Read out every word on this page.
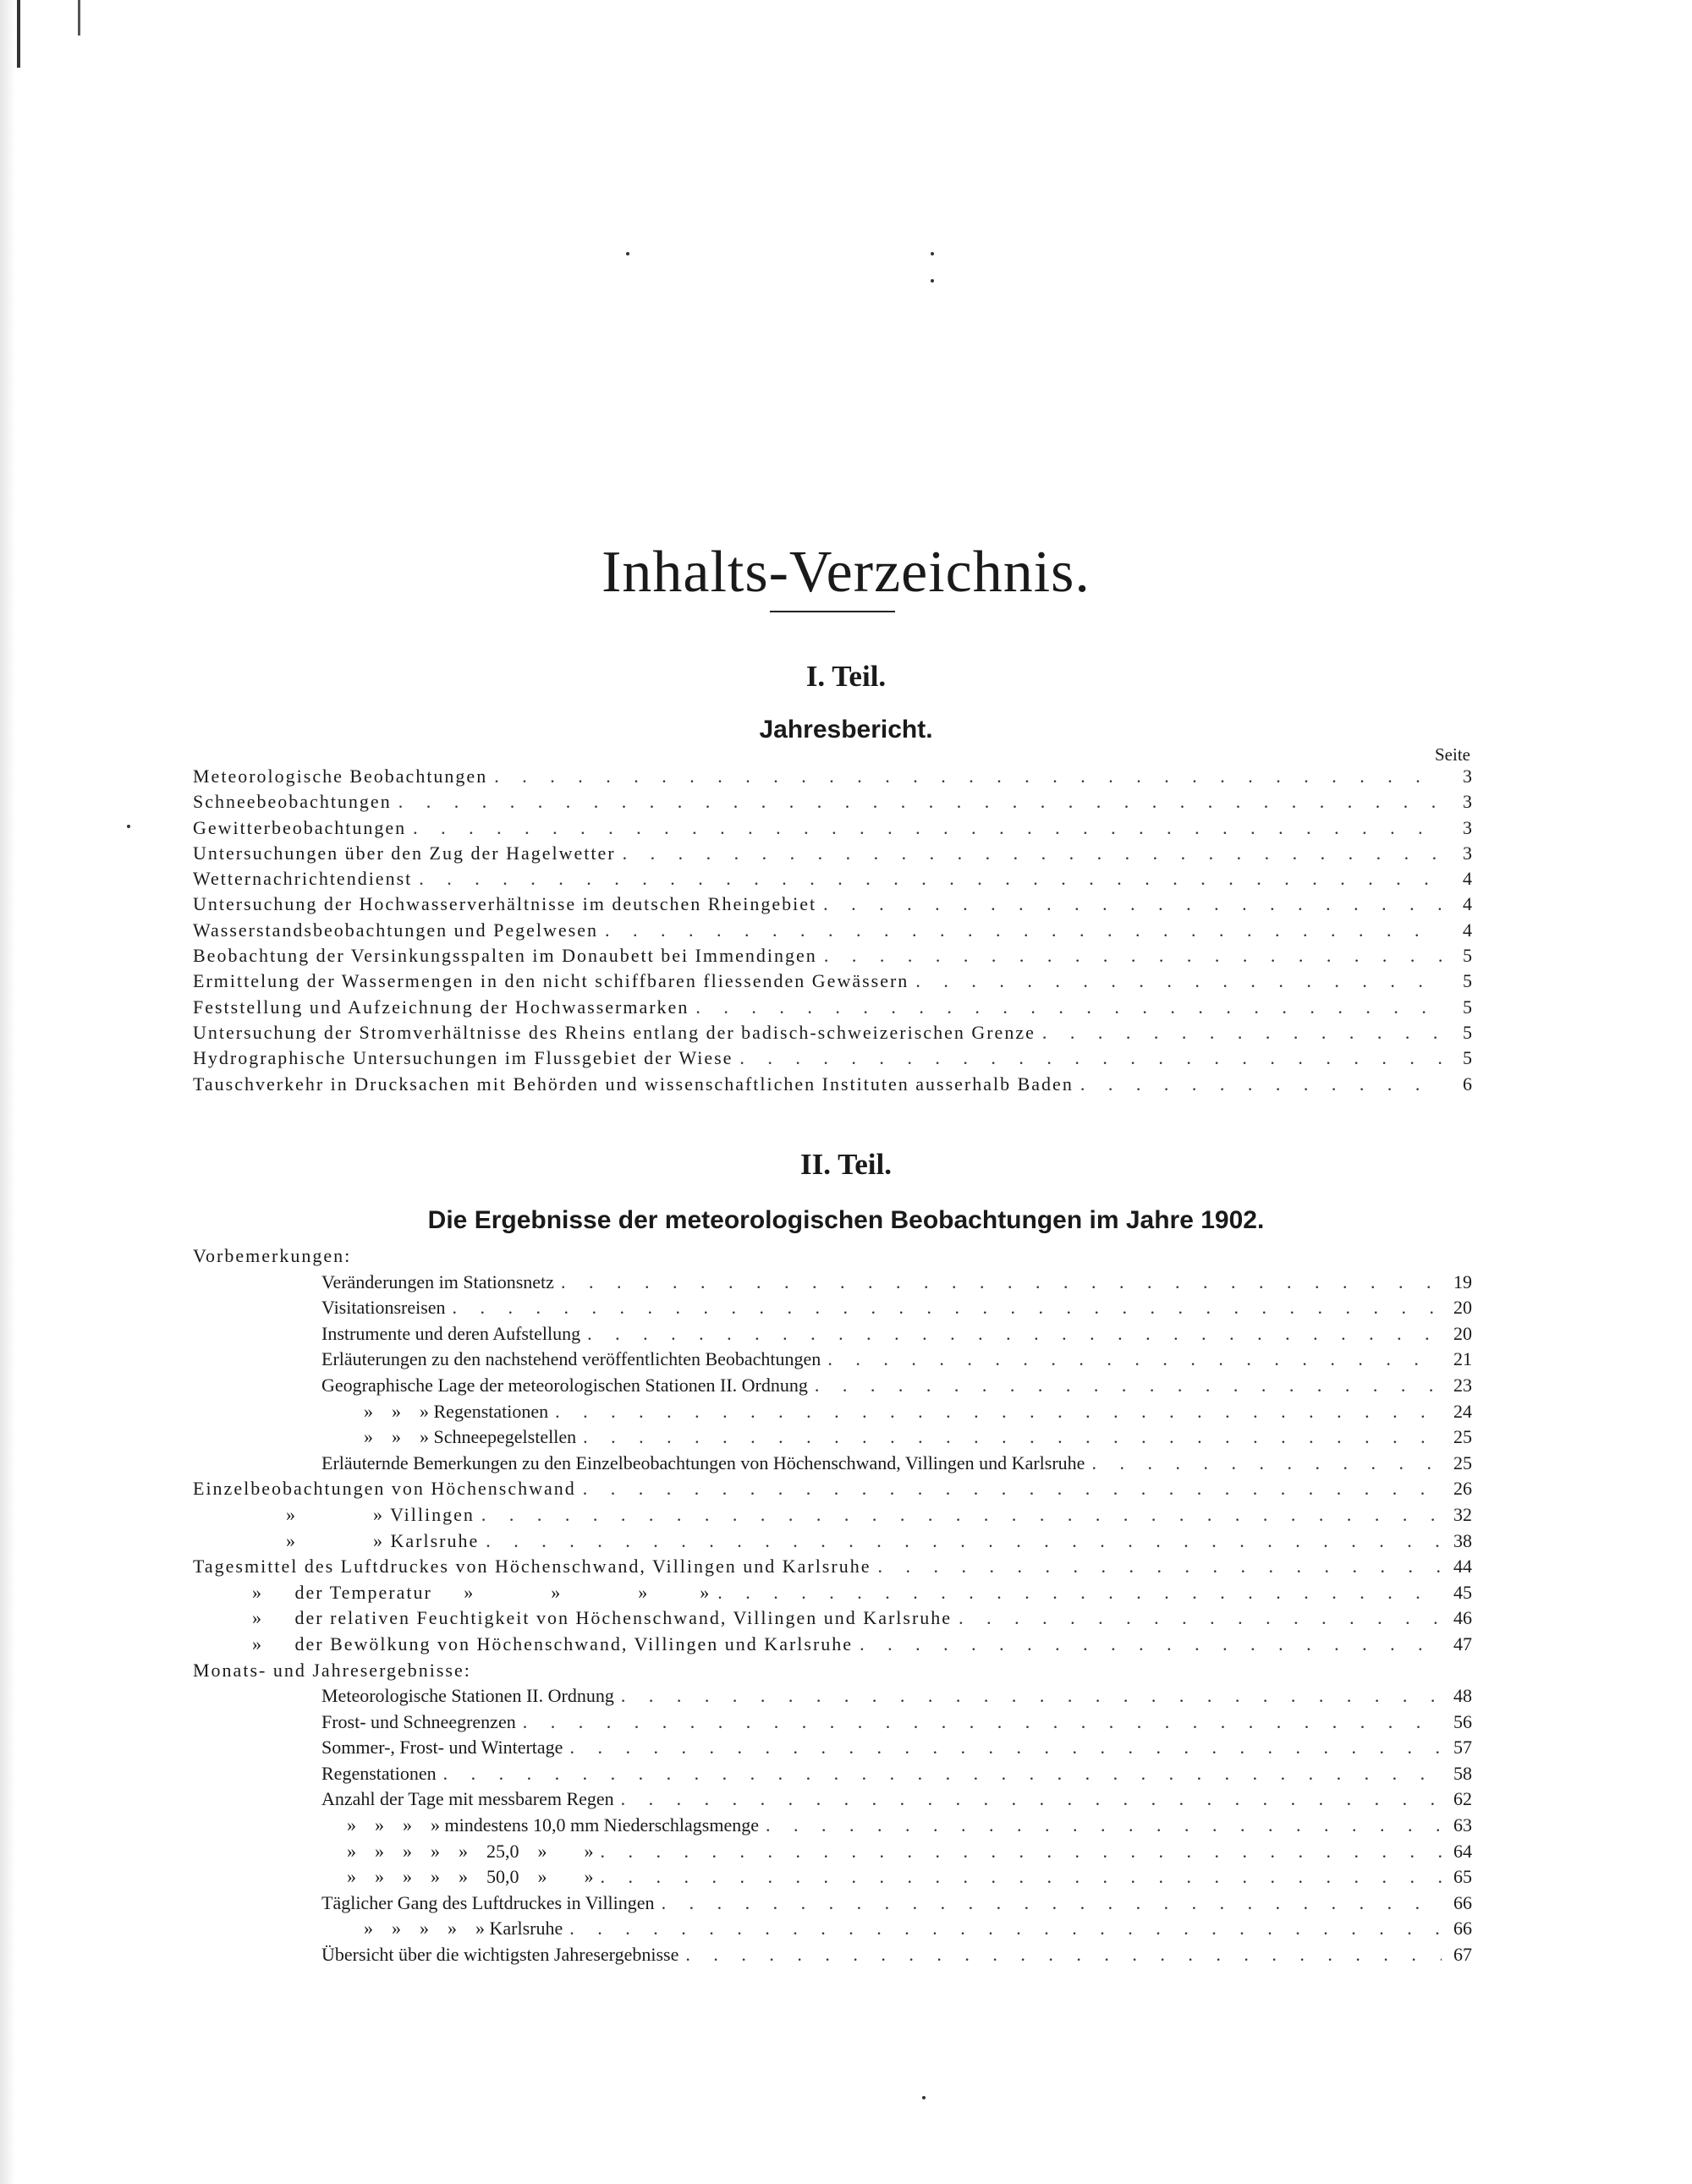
Inhalts-Verzeichnis.
I. Teil.
Jahresbericht.
Seite
Meteorologische Beobachtungen . . .	3
Schneebeobachtungen . . .	3
Gewitterbeobachtungen . . .	3
Untersuchungen über den Zug der Hagelwetter . . .	3
Wetternachrichtendienst . . .	4
Untersuchung der Hochwasserverhältnisse im deutschen Rheingebiet . . .	4
Wasserstandsbeobachtungen und Pegelwesen . . .	4
Beobachtung der Versinkungsspalten im Donaubett bei Immendingen . . .	5
Ermittelung der Wassermengen in den nicht schiffbaren fliessenden Gewässern . . .	5
Feststellung und Aufzeichnung der Hochwassermarken . . .	5
Untersuchung der Stromverhältnisse des Rheins entlang der badisch-schweizerischen Grenze . . .	5
Hydrographische Untersuchungen im Flussgebiet der Wiese . . .	5
Tauschverkehr in Drucksachen mit Behörden und wissenschaftlichen Instituten ausserhalb Baden . . .	6
II. Teil.
Die Ergebnisse der meteorologischen Beobachtungen im Jahre 1902.
Vorbemerkungen:
Veränderungen im Stationsnetz . . .	19
Visitationsreisen . . .	20
Instrumente und deren Aufstellung . . .	20
Erläuterungen zu den nachstehend veröffentlichten Beobachtungen . . .	21
Geographische Lage der meteorologischen Stationen II. Ordnung . . .	23
»    »    » Regenstationen . . .	24
»    »    » Schneepegelstellen . . .	25
Erläuternde Bemerkungen zu den Einzelbeobachtungen von Höchenschwand, Villingen und Karlsruhe . . .	25
Einzelbeobachtungen von Höchenschwand . . .	26
»            » Villingen . . .	32
»            » Karlsruhe . . .	38
Tagesmittel des Luftdruckes von Höchenschwand, Villingen und Karlsruhe . . .	44
»     der Temperatur     »            »            »        » . . .	45
»     der relativen Feuchtigkeit von Höchenschwand, Villingen und Karlsruhe . . .	46
»     der Bewölkung von Höchenschwand, Villingen und Karlsruhe . . .	47
Monats- und Jahresergebnisse:
Meteorologische Stationen II. Ordnung . . .	48
Frost- und Schneegrenzen . . .	56
Sommer-, Frost- und Wintertage . . .	57
Regenstationen . . .	58
Anzahl der Tage mit messbarem Regen . . .	62
»    »    »    » mindestens 10,0 mm Niederschlagsmenge . . .	63
»    »    »    »    »    25,0    »        » . . .	64
»    »    »    »    »    50,0    »        » . . .	65
Täglicher Gang des Luftdruckes in Villingen . . .	66
»    »    »    »    » Karlsruhe . . .	66
Übersicht über die wichtigsten Jahresergebnisse . . .	67
